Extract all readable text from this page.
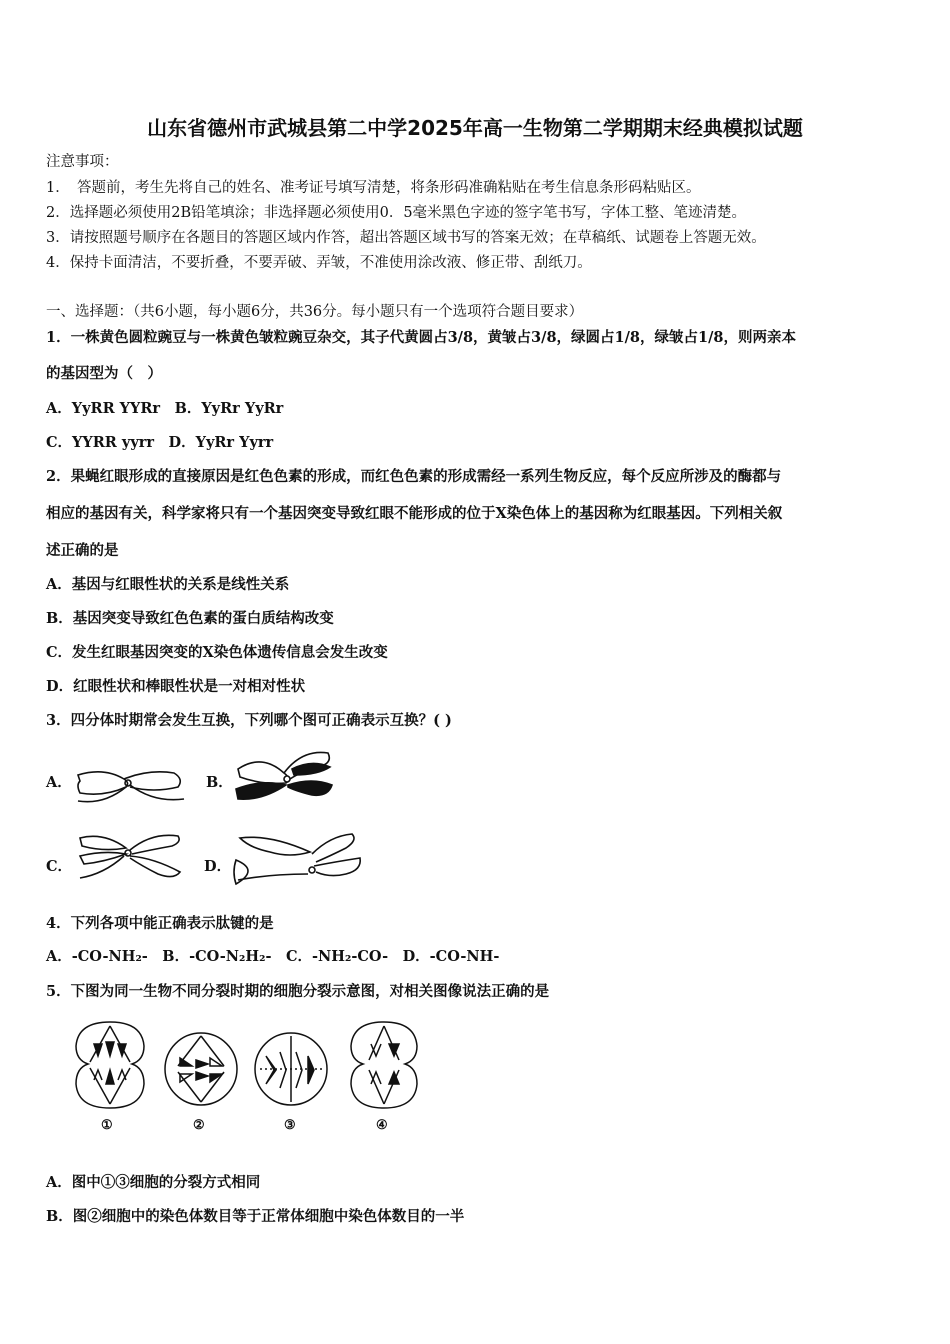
山东省德州市武城县第二中学2025年高一生物第二学期期末经典模拟试题
注意事项：
1．　答题前，考生先将自己的姓名、准考证号填写清楚，将条形码准确粘贴在考生信息条形码粘贴区。
2．选择题必须使用2B铅笔填涂；非选择题必须使用0．5毫米黑色字迹的签字笔书写，字体工整、笔迹清楚。
3．请按照题号顺序在各题目的答题区域内作答，超出答题区域书写的答案无效；在草稿纸、试题卷上答题无效。
4．保持卡面清洁，不要折叠，不要弄破、弄皱，不准使用涂改液、修正带、刮纸刀。
一、选择题：（共6小题，每小题6分，共36分。每小题只有一个选项符合题目要求）
1．一株黄色圆粒豌豆与一株黄色皱粒豌豆杂交，其子代黄圆占3/8，黄皱占3/8，绿圆占1/8，绿皱占1/8，则两亲本
的基因型为（　）
A．YyRR YYRr　B．YyRr YyRr
C．YYRR yyrr　D．YyRr Yyrr
2．果蝇红眼形成的直接原因是红色色素的形成，而红色色素的形成需经一系列生物反应，每个反应所涉及的酶都与
相应的基因有关，科学家将只有一个基因突变导致红眼不能形成的位于X染色体上的基因称为红眼基因。下列相关叙
述正确的是
A．基因与红眼性状的关系是线性关系
B．基因突变导致红色色素的蛋白质结构改变
C．发生红眼基因突变的X染色体遗传信息会发生改变
D．红眼性状和棒眼性状是一对相对性状
3．四分体时期常会发生互换，下列哪个图可正确表示互换？( )
A．	B．
C．	D．
4．下列各项中能正确表示肽键的是
A．-CO-NH₂-　B．-CO-N₂H₂-　C．-NH₂-CO-　D．-CO-NH-
5．下图为同一生物不同分裂时期的细胞分裂示意图，对相关图像说法正确的是
①	②	③	④
A．图中①③细胞的分裂方式相同
B．图②细胞中的染色体数目等于正常体细胞中染色体数目的一半
